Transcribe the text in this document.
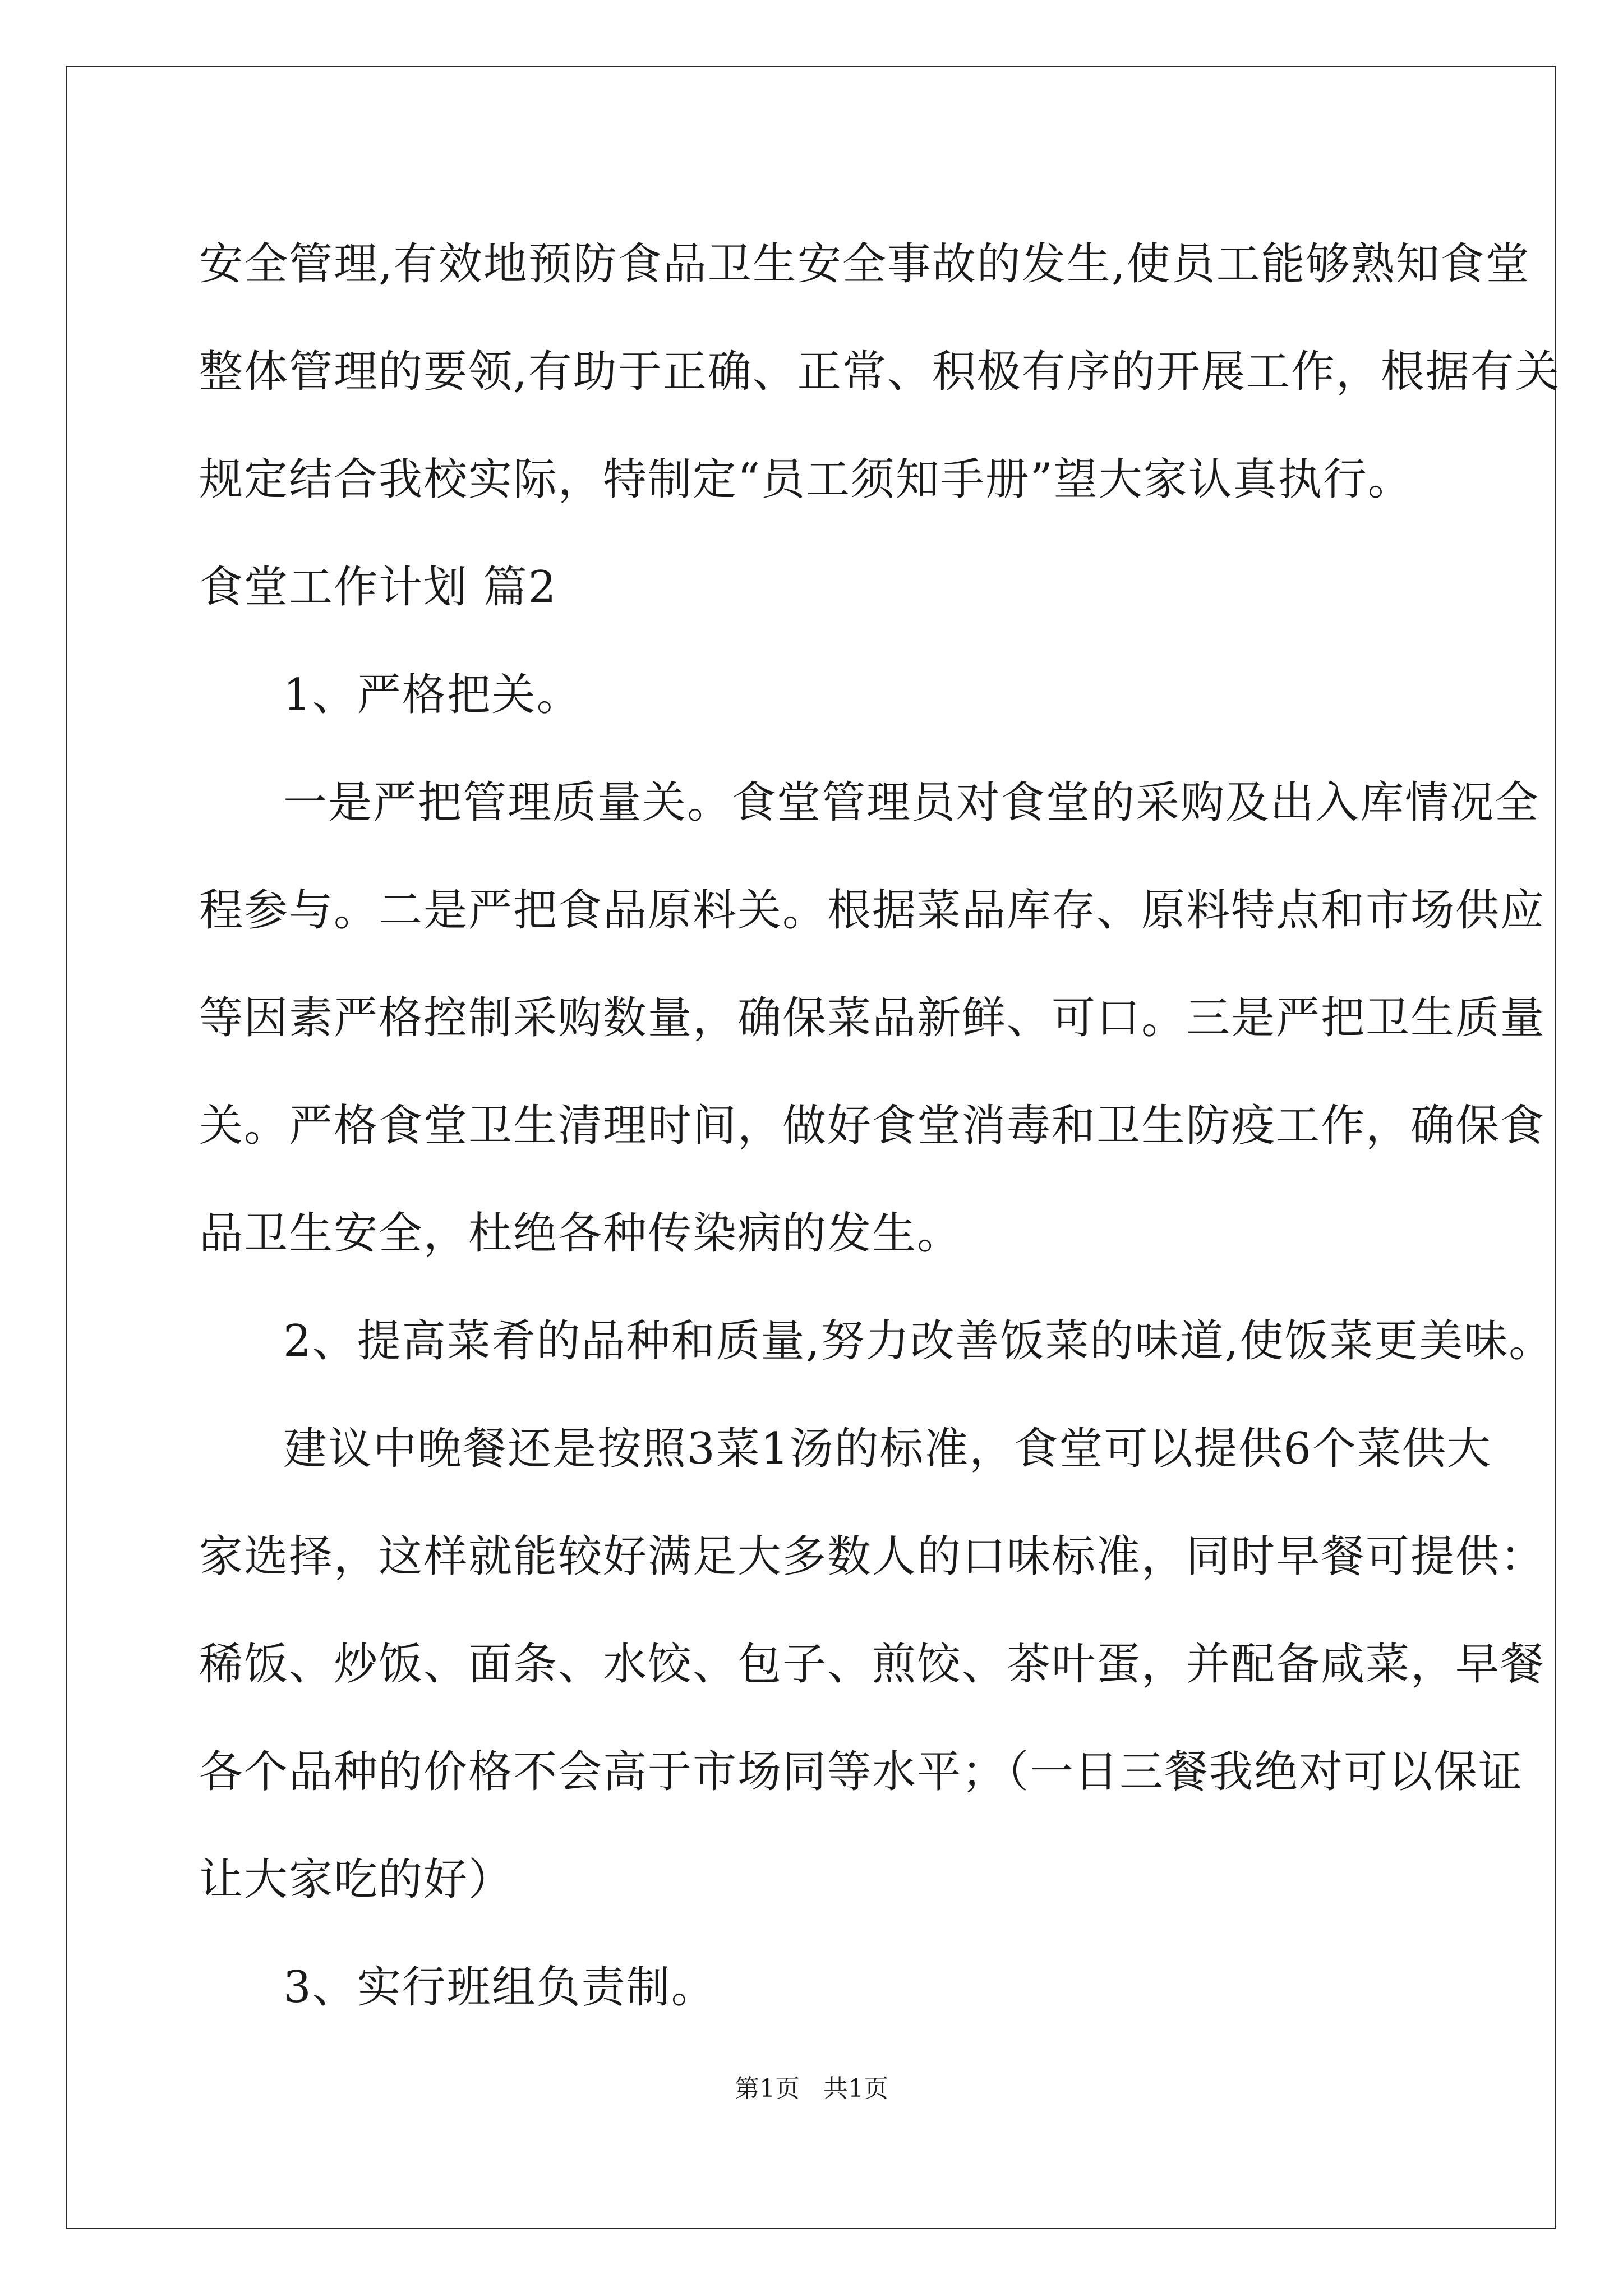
安全管理,有效地预防食品卫生安全事故的发生,使员工能够熟知食堂
整体管理的要领,有助于正确、正常、积极有序的开展工作，根据有关
规定结合我校实际，特制定“员工须知手册”望大家认真执行。
食堂工作计划 篇2
1、严格把关。
一是严把管理质量关。食堂管理员对食堂的采购及出入库情况全
程参与。二是严把食品原料关。根据菜品库存、原料特点和市场供应
等因素严格控制采购数量，确保菜品新鲜、可口。三是严把卫生质量
关。严格食堂卫生清理时间，做好食堂消毒和卫生防疫工作，确保食
品卫生安全，杜绝各种传染病的发生。
2、提高菜肴的品种和质量,努力改善饭菜的味道,使饭菜更美味。
建议中晚餐还是按照3菜1汤的标准，食堂可以提供6个菜供大
家选择，这样就能较好满足大多数人的口味标准，同时早餐可提供：
稀饭、炒饭、面条、水饺、包子、煎饺、茶叶蛋，并配备咸菜，早餐
各个品种的价格不会高于市场同等水平；（一日三餐我绝对可以保证
让大家吃的好）
3、实行班组负责制。
第1页   共1页
